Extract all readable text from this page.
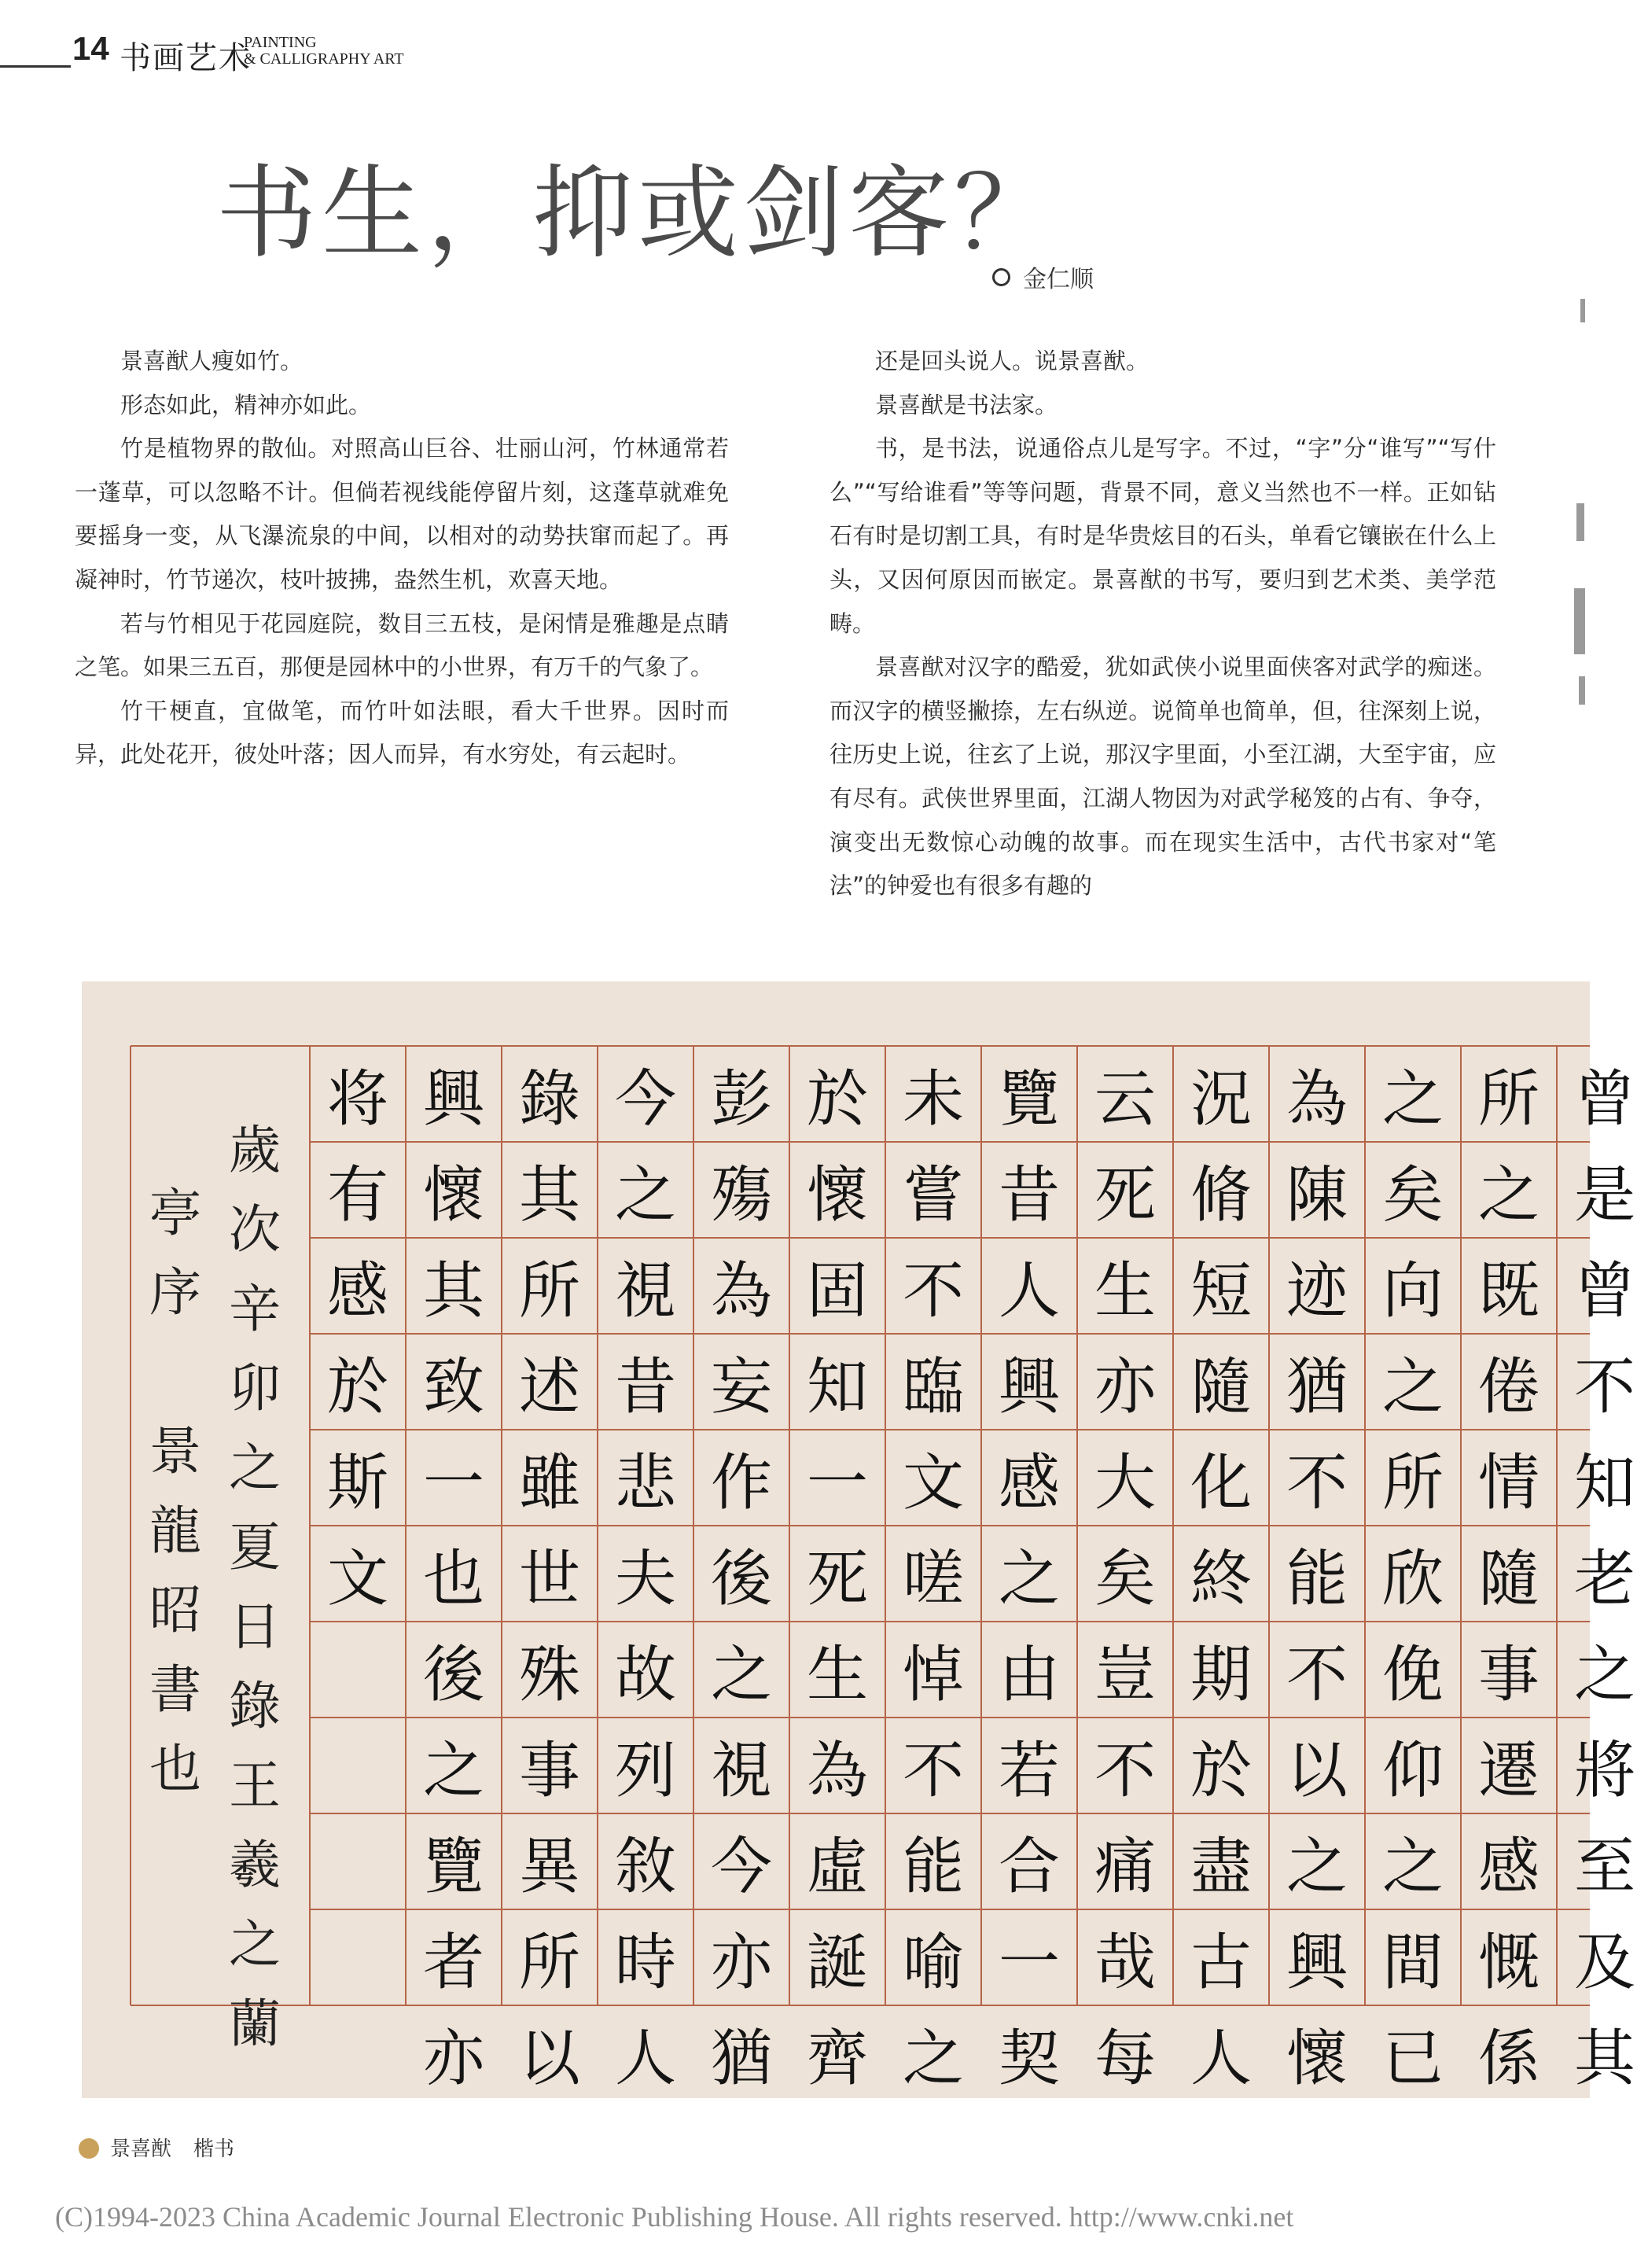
14 书画艺术
PAINTING
& CALLIGRAPHY ART
书生，抑或剑客？
金仁顺

景喜猷人瘦如竹。

形态如此，精神亦如此。

竹是植物界的散仙。对照高山巨谷、壮丽山河，竹林通常若一蓬草，可以忽略不计。但倘若视线能停留片刻，这蓬草就难免要摇身一变，从飞瀑流泉的中间，以相对的动势扶窜而起了。再凝神时，竹节递次，枝叶披拂，盎然生机，欢喜天地。

若与竹相见于花园庭院，数目三五枝，是闲情是雅趣是点睛之笔。如果三五百，那便是园林中的小世界，有万千的气象了。

竹干梗直，宜做笔，而竹叶如法眼，看大千世界。因时而异，此处花开，彼处叶落；因人而异，有水穷处，有云起时。

还是回头说人。说景喜猷。

景喜猷是书法家。

书，是书法，说通俗点儿是写字。不过，“字”分“谁写”“写什么”“写给谁看”等等问题，背景不同，意义当然也不一样。正如钻石有时是切割工具，有时是华贵炫目的石头，单看它镶嵌在什么上头，又因何原因而嵌定。景喜猷的书写，要归到艺术类、美学范畴。

景喜猷对汉字的酷爱，犹如武侠小说里面侠客对武学的痴迷。而汉字的横竖撇捺，左右纵逆。说简单也简单，但，往深刻上说，往历史上说，往玄了上说，那汉字里面，小至江湖，大至宇宙，应有尽有。武侠世界里面，江湖人物因为对武学秘笈的占有、争夺，演变出无数惊心动魄的故事。而在现实生活中，古代书家对“笔法”的钟爱也有很多有趣的

将
有
感
於
斯
文
興
懷
其
致
一
也
後
之
覽
者
亦
錄
其
所
述
雖
世
殊
事
異
所
以
今
之
視
昔
悲
夫
故
列
敘
時
人
彭
殤
為
妄
作
後
之
視
今
亦
猶
於
懷
固
知
一
死
生
為
虛
誕
齊
未
嘗
不
臨
文
嗟
悼
不
能
喻
之
覽
昔
人
興
感
之
由
若
合
一
契
云
死
生
亦
大
矣
豈
不
痛
哉
每
況
脩
短
隨
化
終
期
於
盡
古
人
為
陳
迹
猶
不
能
不
以
之
興
懷
之
矣
向
之
所
欣
俛
仰
之
間
已
所
之
既
倦
情
隨
事
遷
感
慨
係
曾
是
曾
不
知
老
之
將
至
及
其
歲
次
辛
卯
之
夏
日
錄
王
羲
之
蘭
亭
序
景
龍
昭
書
也
景喜猷 楷书
(C)1994-2023 China Academic Journal Electronic Publishing House. All rights reserved. http://www.cnki.net
